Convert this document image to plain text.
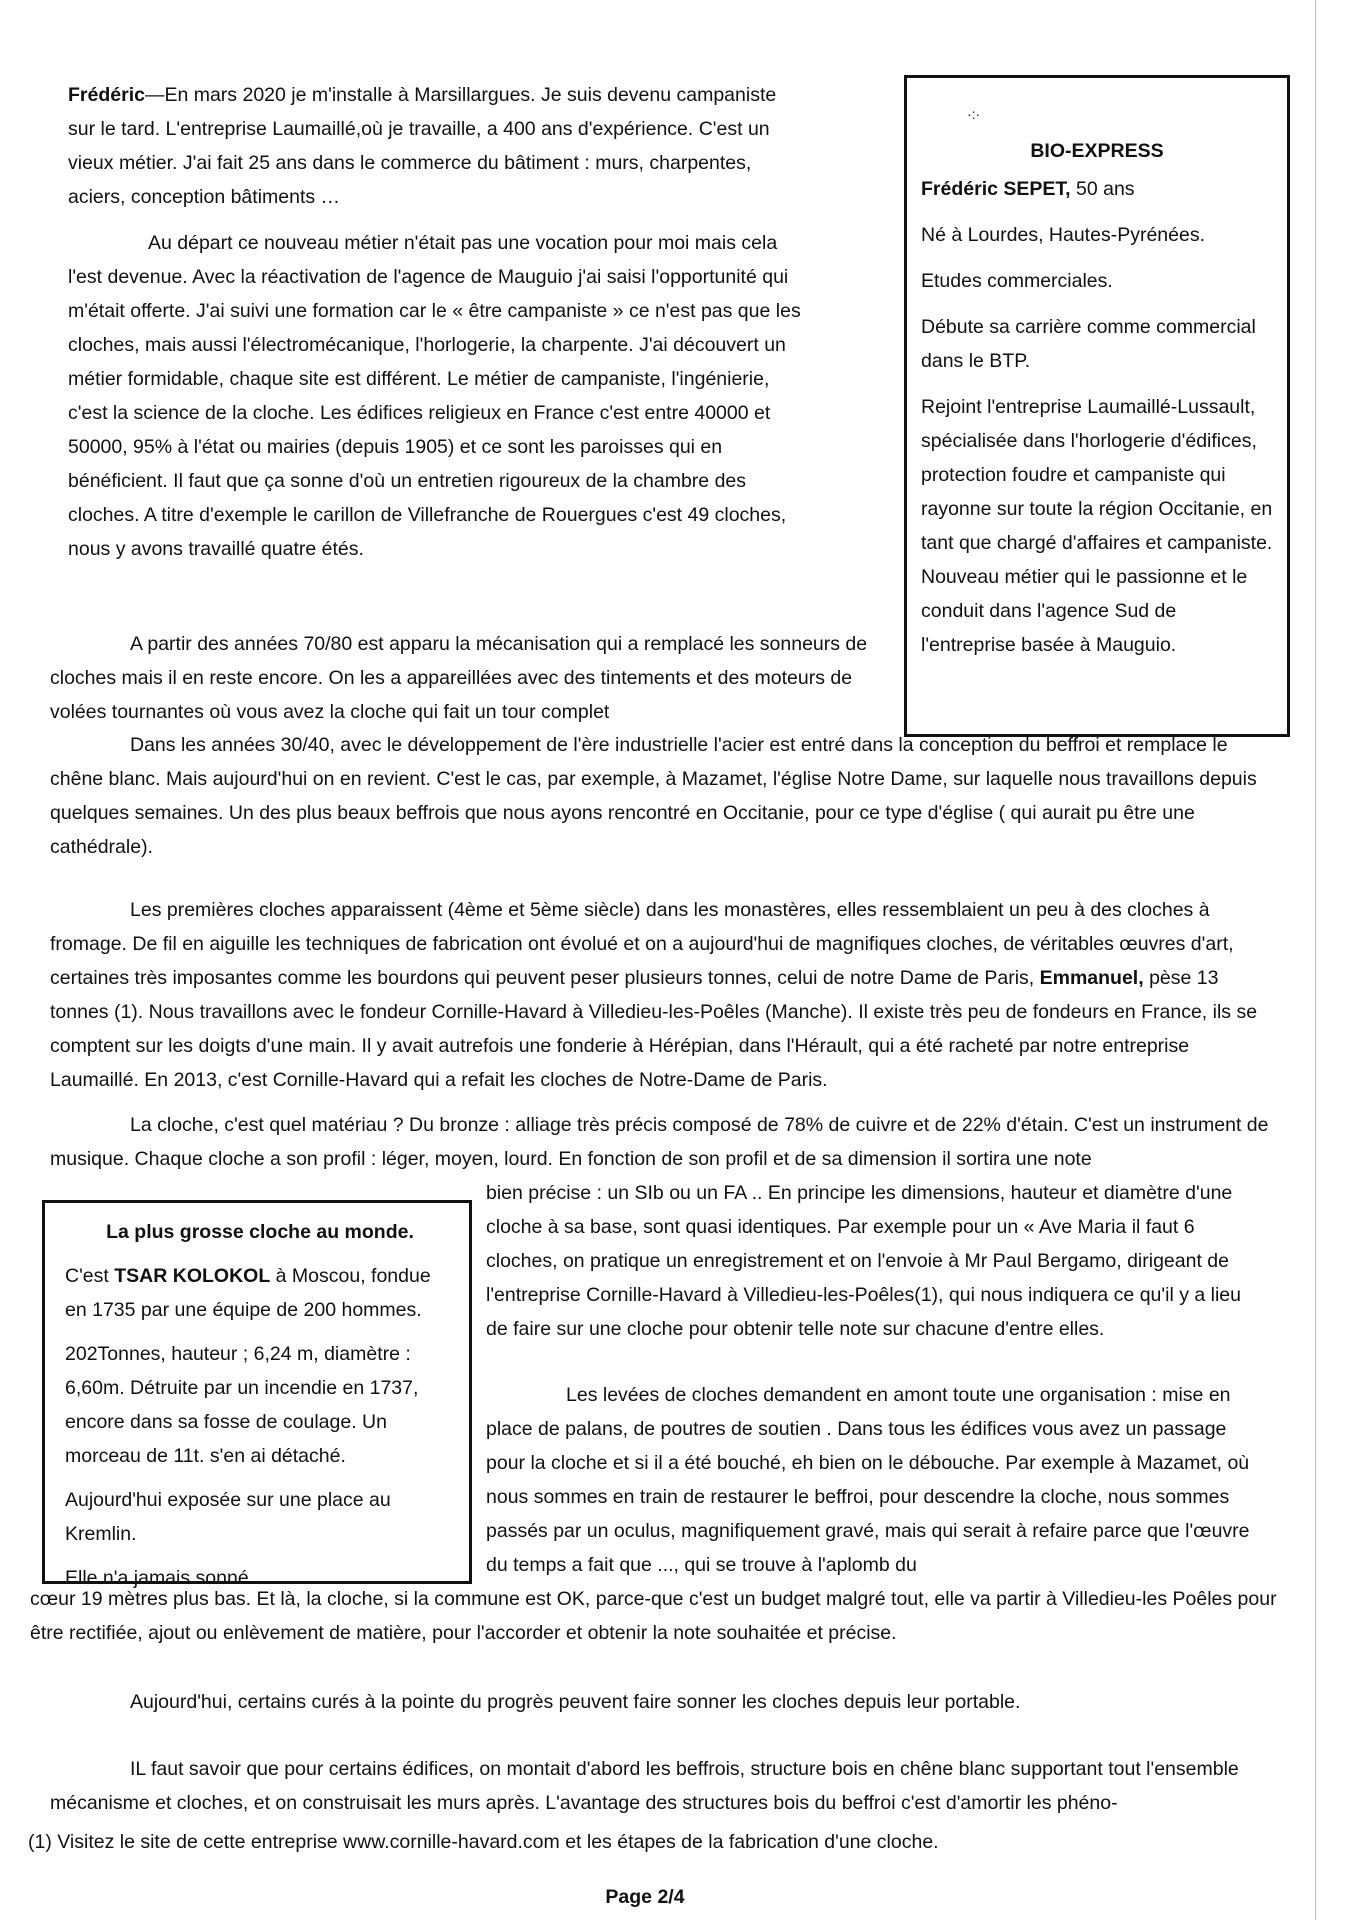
Frédéric—En mars 2020 je m'installe à Marsillargues. Je suis devenu campaniste sur le tard. L'entreprise Laumaillé,où je travaille, a 400 ans d'expérience. C'est un vieux métier. J'ai fait 25 ans dans le commerce du bâtiment : murs, charpentes, aciers, conception bâtiments …

Au départ ce nouveau métier n'était pas une vocation pour moi mais cela l'est devenue. Avec la réactivation de l'agence de Mauguio j'ai saisi l'opportunité qui m'était offerte. J'ai suivi une formation car le « être campaniste » ce n'est pas que les cloches, mais aussi l'électromécanique, l'horlogerie, la charpente. J'ai découvert un métier formidable, chaque site est différent. Le métier de campaniste, l'ingénierie, c'est la science de la cloche. Les édifices religieux en France c'est entre 40000 et 50000, 95% à l'état ou mairies (depuis 1905) et ce sont les paroisses qui en bénéficient. Il faut que ça sonne d'où un entretien rigoureux de la chambre des cloches. A titre d'exemple le carillon de Villefranche de Rouergues c'est 49 cloches, nous y avons travaillé quatre étés.

A partir des années 70/80 est apparu la mécanisation qui a remplacé les sonneurs de cloches mais il en reste encore. On les a appareillées avec des tintements et des moteurs de volées tournantes où vous avez la cloche qui fait un tour complet

Dans les années 30/40, avec le développement de l'ère industrielle l'acier est entré dans la conception du beffroi et remplace le chêne blanc. Mais aujourd'hui on en revient. C'est le cas, par exemple, à Mazamet, l'église Notre Dame, sur laquelle nous travaillons depuis quelques semaines. Un des plus beaux beffrois que nous ayons rencontré en Occitanie, pour ce type d'église ( qui aurait pu être une cathédrale).

Les premières cloches apparaissent (4ème et 5ème siècle) dans les monastères, elles ressemblaient un peu à des cloches à fromage. De fil en aiguille les techniques de fabrication ont évolué et on a aujourd'hui de magnifiques cloches, de véritables œuvres d'art, certaines très imposantes comme les bourdons qui peuvent peser plusieurs tonnes, celui de notre Dame de Paris, Emmanuel, pèse 13 tonnes (1). Nous travaillons avec le fondeur Cornille-Havard à Villedieu-les-Poêles (Manche). Il existe très peu de fondeurs en France, ils se comptent sur les doigts d'une main. Il y avait autrefois une fonderie à Hérépian, dans l'Hérault, qui a été racheté par notre entreprise Laumaillé. En 2013, c'est Cornille-Havard qui a refait les cloches de Notre-Dame de Paris.

La cloche, c'est quel matériau ? Du bronze : alliage très précis composé de 78% de cuivre et de 22% d'étain. C'est un instrument de musique. Chaque cloche a son profil : léger, moyen, lourd. En fonction de son profil et de sa dimension il sortira une note

bien précise : un SIb ou un FA .. En principe les dimensions, hauteur et diamètre d'une cloche à sa base, sont quasi identiques. Par exemple pour un « Ave Maria il faut 6 cloches, on pratique un enregistrement et on l'envoie à Mr Paul Bergamo, dirigeant de l'entreprise Cornille-Havard à Villedieu-les-Poêles(1), qui nous indiquera ce qu'il y a lieu de faire sur une cloche pour obtenir telle note sur chacune d'entre elles.

Les levées de cloches demandent en amont toute une organisation : mise en place de palans, de poutres de soutien . Dans tous les édifices vous avez un passage pour la cloche et si il a été bouché, eh bien on le débouche. Par exemple à Mazamet, où nous sommes en train de restaurer le beffroi, pour descendre la cloche, nous sommes passés par un oculus, magnifiquement gravé, mais qui serait à refaire parce que l'œuvre du temps a fait que ..., qui se trouve à l'aplomb du

cœur 19 mètres plus bas. Et là, la cloche, si la commune est OK, parce-que c'est un budget malgré tout, elle va partir à Villedieu-les Poêles pour être rectifiée, ajout ou enlèvement de matière, pour l'accorder et obtenir la note souhaitée et précise.

Aujourd'hui, certains curés à la pointe du progrès peuvent faire sonner les cloches depuis leur portable.

IL faut savoir que pour certains édifices, on montait d'abord les beffrois, structure bois en chêne blanc supportant tout l'ensemble mécanisme et cloches, et on construisait les murs après. L'avantage des structures bois du beffroi c'est d'amortir les phéno-

·:·

BIO-EXPRESS

Frédéric SEPET, 50 ans

Né à Lourdes, Hautes-Pyrénées.

Etudes commerciales.

Débute sa carrière comme commercial dans le BTP.

Rejoint l'entreprise Laumaillé-Lussault, spécialisée dans l'horlogerie d'édifices, protection foudre et campaniste qui rayonne sur toute la région Occitanie, en tant que chargé d'affaires et campaniste. Nouveau métier qui le passionne et le conduit dans l'agence Sud de l'entreprise basée à Mauguio.

La plus grosse cloche au monde.

C'est TSAR KOLOKOL à Moscou, fondue en 1735 par une équipe de 200 hommes.

202Tonnes, hauteur ; 6,24 m, diamètre : 6,60m. Détruite par un incendie en 1737, encore dans sa fosse de coulage. Un morceau de 11t. s'en ai détaché.

Aujourd'hui exposée sur une place au Kremlin.

Elle n'a jamais sonné.

(1) Visitez le site de cette entreprise www.cornille-havard.com et les étapes de la fabrication d'une cloche.

Page 2/4
